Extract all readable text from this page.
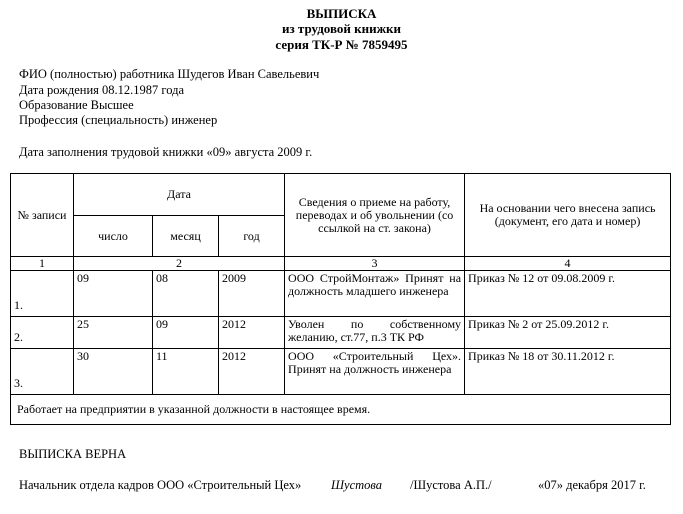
ВЫПИСКА
из трудовой книжки
серия ТК-Р № 7859495
ФИО (полностью) работника Шудегов Иван Савельевич
Дата рождения 08.12.1987 года
Образование Высшее
Профессия (специальность) инженер
Дата заполнения трудовой книжки «09» августа 2009 г.
№ записи	Дата			Сведения о приеме на работу, переводах и об увольнении (со ссылкой на ст. закона)	На основании чего внесена запись (документ, его дата и номер)
	число	месяц	год		
1	2			3	4
1.	09	08	2009	ООО СтройМонтаж» Принят на должность младшего инженера	Приказ № 12 от 09.08.2009 г.
2.	25	09	2012	Уволен по собственному желанию, ст.77, п.3 ТК РФ	Приказ № 2 от 25.09.2012 г.
3.	30	11	2012	ООО «Строительный Цех». Принят на должность инженера	Приказ № 18 от 30.11.2012 г.
Работает на предприятии в указанной должности в настоящее время.					
ВЫПИСКА ВЕРНА
Начальник отдела кадров ООО «Строительный Цех» Шустова /Шустова А.П./	«07» декабря 2017 г.
